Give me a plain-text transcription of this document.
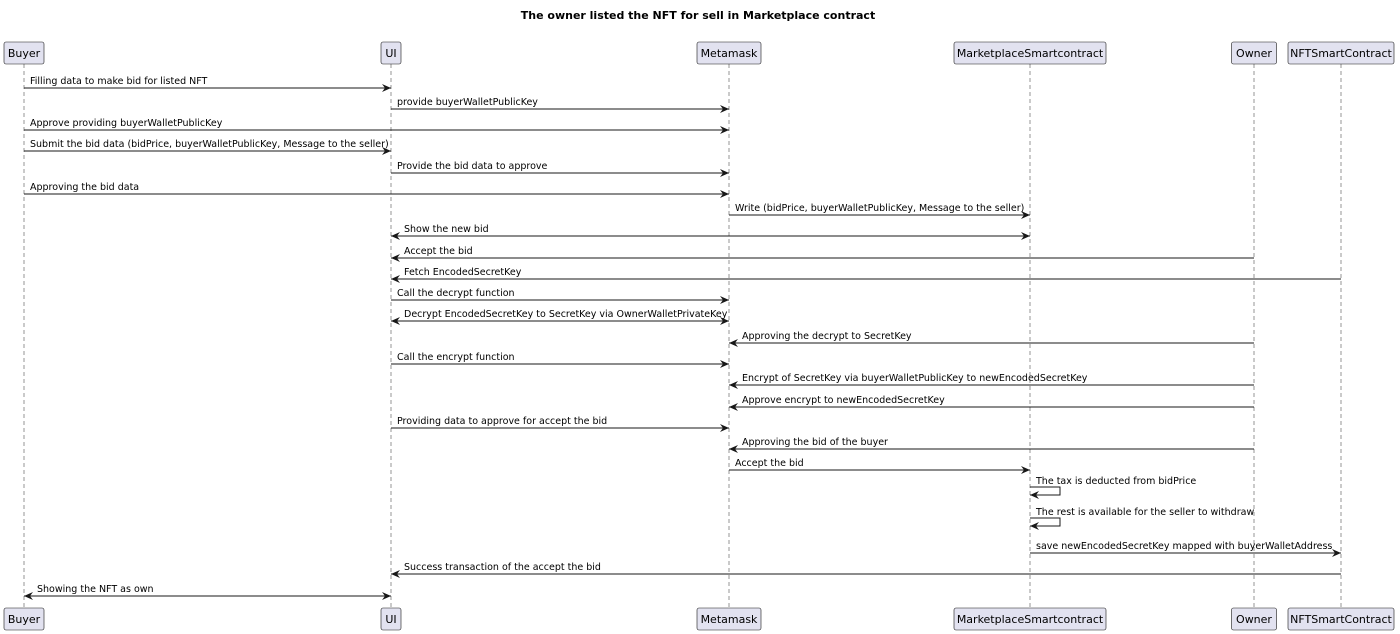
The owner listed the NFT for sell in Marketplace contract
Buyer
Buyer
UI
UI
Metamask
Metamask
MarketplaceSmartcontract
MarketplaceSmartcontract
Owner
Owner
NFTSmartContract
NFTSmartContract
Filling data to make bid for listed NFT
provide buyerWalletPublicKey
Approve providing buyerWalletPublicKey
Submit the bid data (bidPrice, buyerWalletPublicKey, Message to the seller)
Provide the bid data to approve
Approving the bid data
Write (bidPrice, buyerWalletPublicKey, Message to the seller)
Show the new bid
Accept the bid
Fetch EncodedSecretKey
Call the decrypt function
Decrypt EncodedSecretKey to SecretKey via OwnerWalletPrivateKey
Approving the decrypt to SecretKey
Call the encrypt function
Encrypt of SecretKey via buyerWalletPublicKey to newEncodedSecretKey
Approve encrypt to newEncodedSecretKey
Providing data to approve for accept the bid
Approving the bid of the buyer
Accept the bid
The tax is deducted from bidPrice
The rest is available for the seller to withdraw
save newEncodedSecretKey mapped with buyerWalletAddress
Success transaction of the accept the bid
Showing the NFT as own
